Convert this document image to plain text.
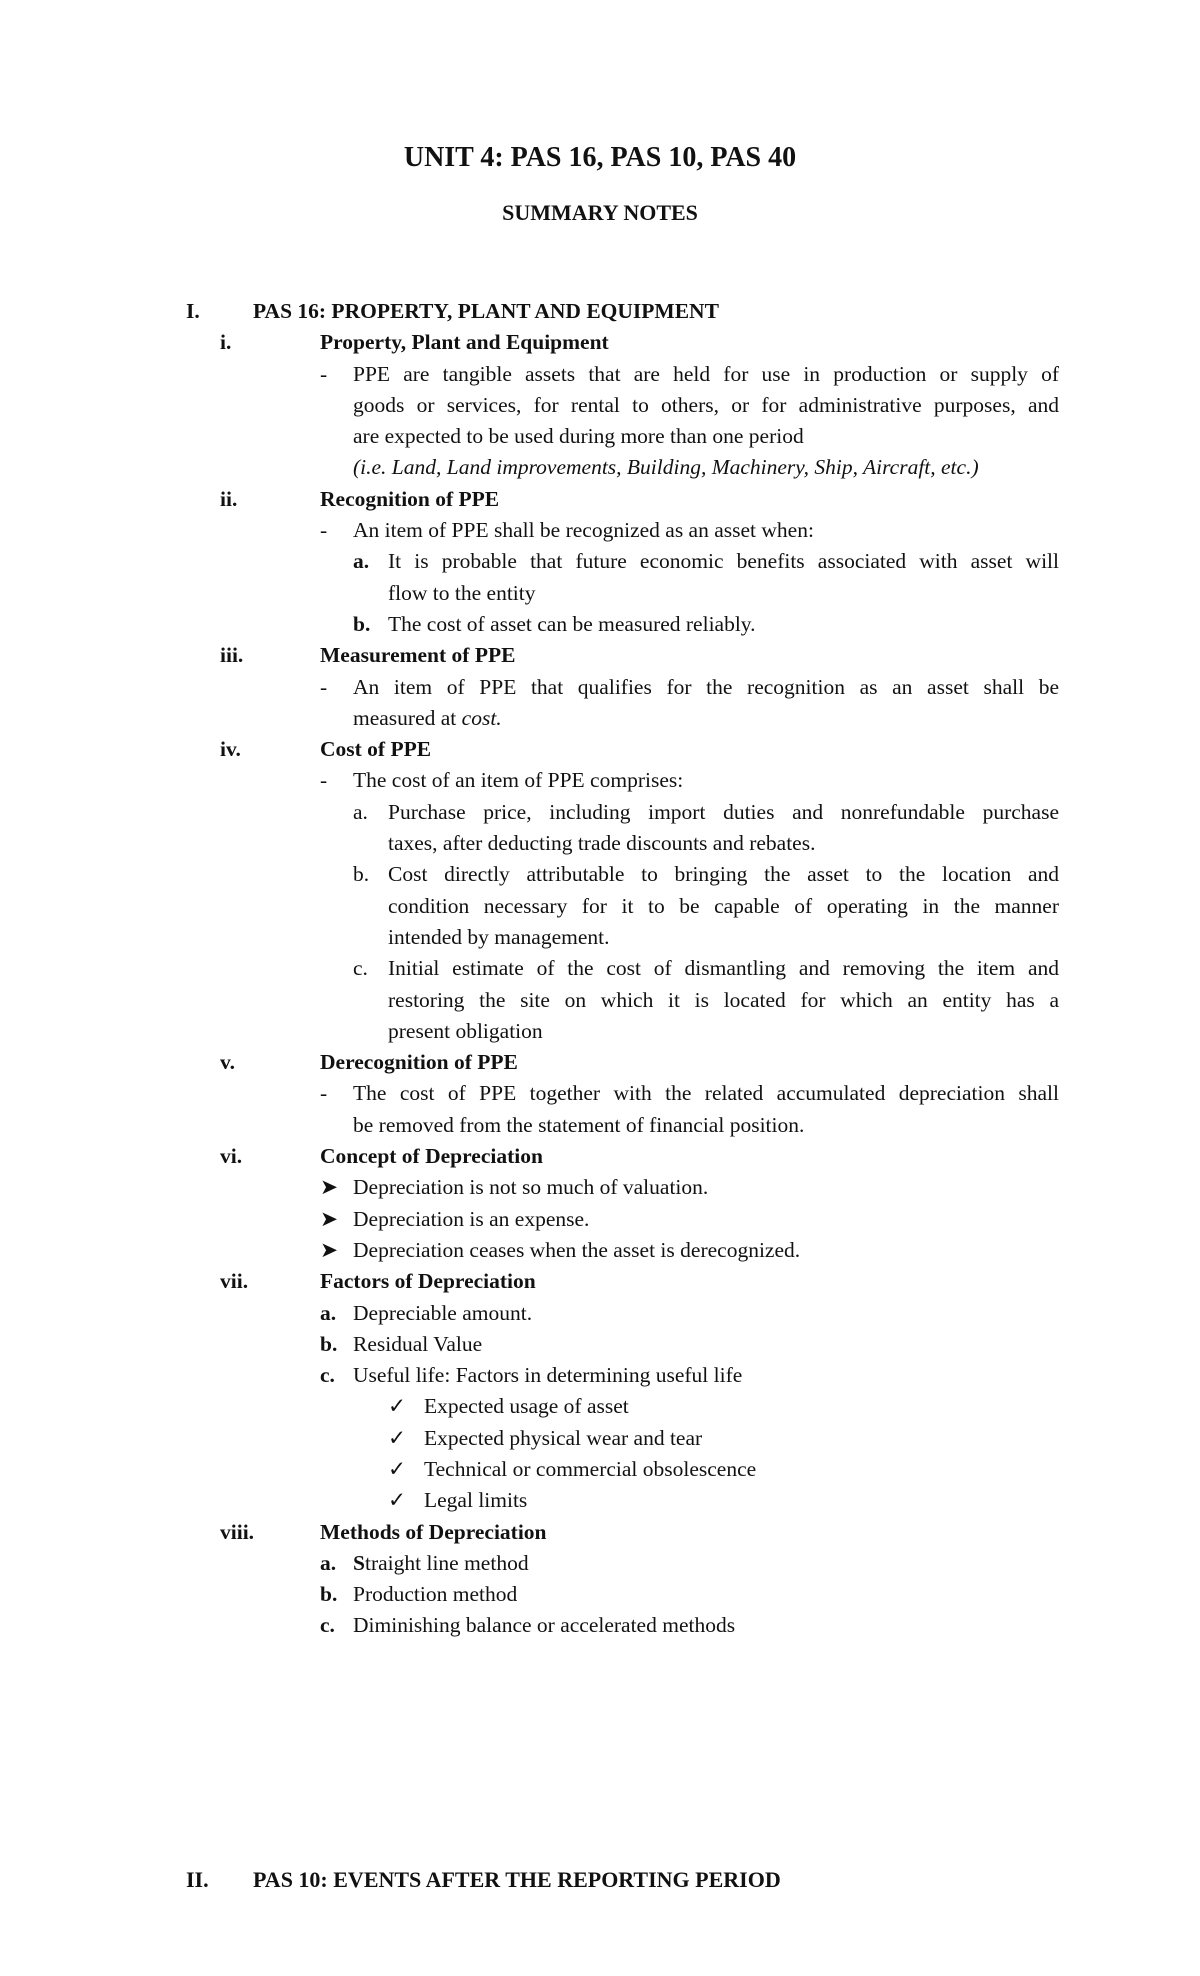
UNIT 4: PAS 16, PAS 10, PAS 40
SUMMARY NOTES
I. PAS 16: PROPERTY, PLANT AND EQUIPMENT
i.	Property, Plant and Equipment
-	PPE are tangible assets that are held for use in production or supply of
goods or services, for rental to others, or for administrative purposes, and
are expected to be used during more than one period
(i.e. Land, Land improvements, Building, Machinery, Ship, Aircraft, etc.)
ii.	Recognition of PPE
-	An item of PPE shall be recognized as an asset when:
a. It is probable that future economic benefits associated with asset will
flow to the entity
b. The cost of asset can be measured reliably.
iii.	Measurement of PPE
-	An item of PPE that qualifies for the recognition as an asset shall be
measured at cost.
iv.	Cost of PPE
-	The cost of an item of PPE comprises:
a. Purchase price, including import duties and nonrefundable purchase
taxes, after deducting trade discounts and rebates.
b. Cost directly attributable to bringing the asset to the location and
condition necessary for it to be capable of operating in the manner
intended by management.
c. Initial estimate of the cost of dismantling and removing the item and
restoring the site on which it is located for which an entity has a
present obligation
v.	Derecognition of PPE
-	The cost of PPE together with the related accumulated depreciation shall
be removed from the statement of financial position.
vi.	Concept of Depreciation
➤ Depreciation is not so much of valuation.
➤ Depreciation is an expense.
➤ Depreciation ceases when the asset is derecognized.
vii.	Factors of Depreciation
a. Depreciable amount.
b. Residual Value
c. Useful life: Factors in determining useful life
✓ Expected usage of asset
✓ Expected physical wear and tear
✓ Technical or commercial obsolescence
✓ Legal limits
viii.	Methods of Depreciation
a. Straight line method
b. Production method
c. Diminishing balance or accelerated methods
II. PAS 10: EVENTS AFTER THE REPORTING PERIOD
